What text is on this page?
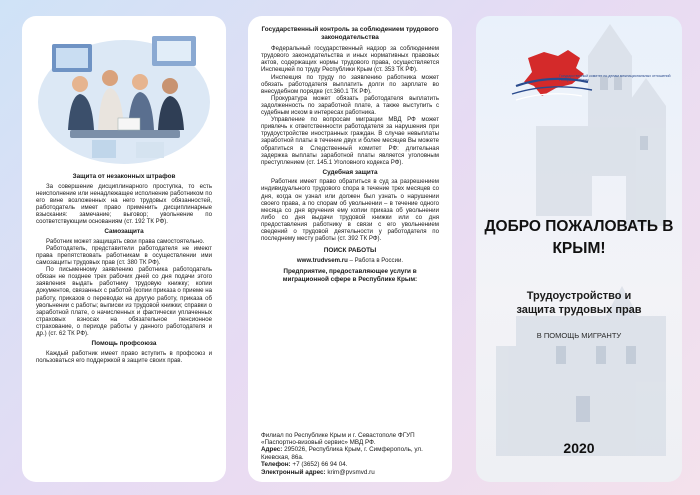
Защита от незаконных штрафов

За совершение дисциплинарного проступка, то есть неисполнение или ненадлежащее исполнение работником по его вине возложенных на него трудовых обязанностей, работодатель имеет право применить дисциплинарные взыскания: замечание; выговор; увольнение по соответствующим основаниям (ст. 192 ТК РФ).

Самозащита

Работник может защищать свои права самостоятельно.

Работодатель, представители работодателя не имеют права препятствовать работникам в осуществлении ими самозащиты трудовых прав (ст. 380 ТК РФ).

По письменному заявлению работника работодатель обязан не позднее трех рабочих дней со дня подачи этого заявления выдать работнику трудовую книжку; копии документов, связанных с работой (копии приказа о приеме на работу, приказов о переводах на другую работу, приказа об увольнении с работы; выписки из трудовой книжки; справки о заработной плате, о начисленных и фактически уплаченных страховых взносах на обязательное пенсионное страхование, о периоде работы у данного работодателя и др.) (ст. 62 ТК РФ).

Помощь профсоюза

Каждый работник имеет право вступить в профсоюз и пользоваться его поддержкой в защите своих прав.

Государственный контроль за соблюдением трудового законодательства

Федеральный государственный надзор за соблюдением трудового законодательства и иных нормативных правовых актов, содержащих нормы трудового права, осуществляется Инспекцией по труду Республики Крым (ст. 353 ТК РФ).

Инспекция по труду по заявлению работника может обязать работодателя выплатить долги по зарплате во внесудебном порядке (ст.360.1 ТК РФ).

Прокуратура может обязать работодателя выплатить задолженность по заработной плате, а также выступить с судебным иском в интересах работника.

Управление по вопросам миграции МВД РФ может привлечь к ответственности работодателя за нарушения при трудоустройстве иностранных граждан. В случае невыплаты заработной платы в течение двух и более месяцев Вы можете обратиться в Следственный комитет РФ: длительная задержка выплаты заработной платы является уголовным преступлением (ст. 145.1 Уголовного кодекса РФ).

Судебная защита

Работник имеет право обратиться в суд за разрешением индивидуального трудового спора в течение трех месяцев со дня, когда он узнал или должен был узнать о нарушении своего права, а по спорам об увольнении – в течение одного месяца со дня вручения ему копии приказа об увольнении либо со дня выдачи трудовой книжки или со дня предоставления работнику в связи с его увольнением сведений о трудовой деятельности у работодателя по последнему месту работы (ст. 392 ТК РФ).

ПОИСК РАБОТЫ

www.trudvsem.ru – Работа в России.

Предприятие, предоставляющее услуги в миграционной сфере в Республике Крым:

Филиал по Республике Крым и г. Севастополе ФГУП «Паспортно-визовый сервис» МВД РФ.

Адрес: 295026, Республика Крым, г. Симферополь, ул. Киевская, 86а.

Телефон: +7 (3652) 66 94 04.

Электронный адрес: krim@pvsmvd.ru

Государственный комитет по делам межнациональных отношений Республики Крым
ДОБРО ПОЖАЛОВАТЬ В
КРЫМ!
Трудоустройство и
защита трудовых прав
В ПОМОЩЬ МИГРАНТУ
2020
